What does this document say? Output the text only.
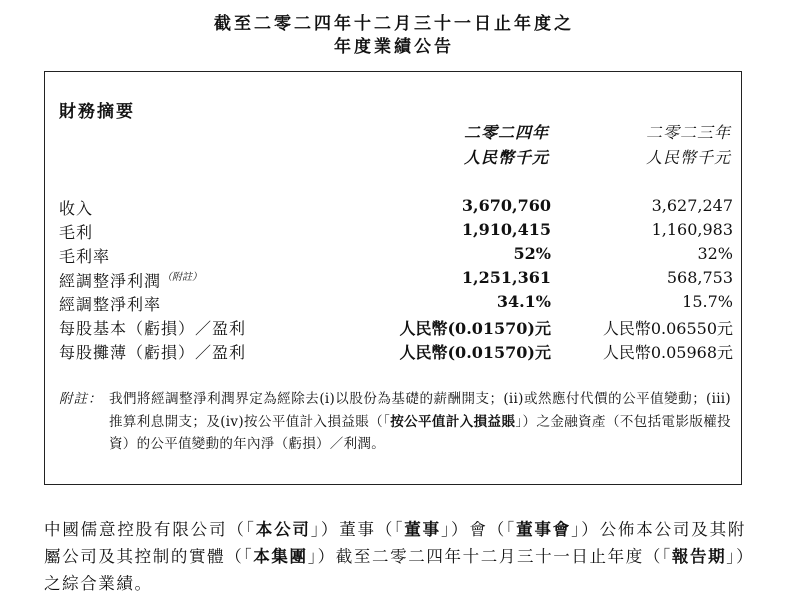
截至二零二四年十二月三十一日止年度之
年度業績公告
財務摘要
二零二四年
人民幣千元
二零二三年
人民幣千元
收入	3,670,760	3,627,247
毛利	1,910,415	1,160,983
毛利率	52%	32%
經調整淨利潤$^{(附註)}$	1,251,361	568,753
經調整淨利率	34.1%	15.7%
每股基本（虧損）／盈利	人民幣(0.01570)元	人民幣0.06550元
每股攤薄（虧損）／盈利	人民幣(0.01570)元	人民幣0.05968元
附註： 我們將經調整淨利潤界定為經除去(i)以股份為基礎的薪酬開支；(ii)或然應付代價的公平值變動；(iii)推算利息開支；及(iv)按公平值計入損益賬（「按公平值計入損益賬」）之金融資產（不包括電影版權投資）的公平值變動的年內淨（虧損）／利潤。
中國儒意控股有限公司（「本公司」）董事（「董事」）會（「董事會」）公佈本公司及其附屬公司及其控制的實體（「本集團」）截至二零二四年十二月三十一日止年度（「報告期」）之綜合業績。
